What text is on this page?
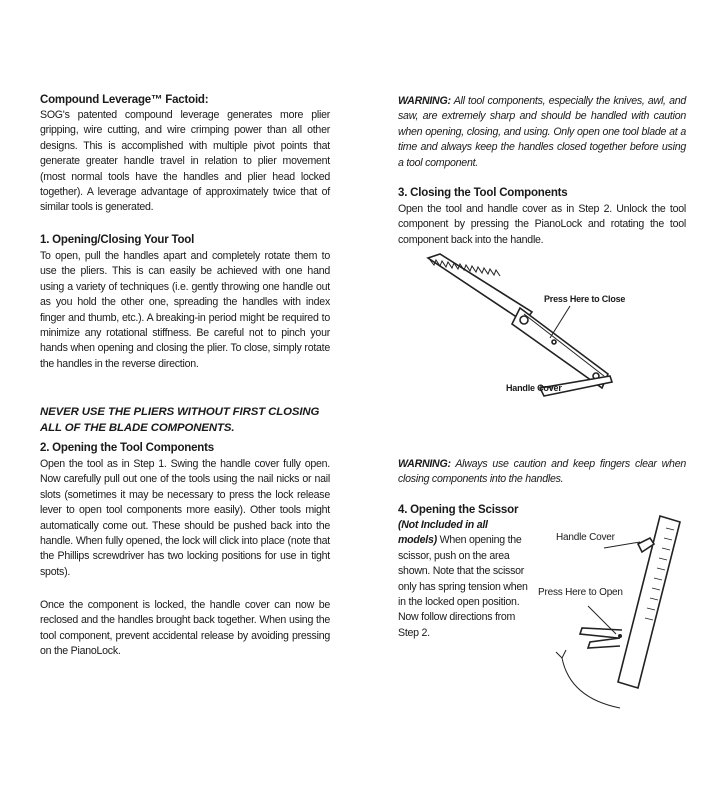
Compound Leverage™ Factoid:

SOG's patented compound leverage generates more plier gripping, wire cutting, and wire crimping power than all other designs. This is accomplished with multiple pivot points that generate greater handle travel in relation to plier movement (most normal tools have the handles and plier head locked together). A leverage advantage of approximately twice that of similar tools is generated.

1. Opening/Closing Your Tool

To open, pull the handles apart and completely rotate them to use the pliers. This is can easily be achieved with one hand using a variety of techniques (i.e. gently throwing one handle out as you hold the other one, spreading the handles with index finger and thumb, etc.). A breaking-in period might be required to minimize any rotational stiffness. Be careful not to pinch your hands when opening and closing the plier. To close, simply rotate the handles in the reverse direction.

NEVER USE THE PLIERS WITHOUT FIRST CLOSING ALL OF THE BLADE COMPONENTS.

2. Opening the Tool Components

Open the tool as in Step 1. Swing the handle cover fully open. Now carefully pull out one of the tools using the nail nicks or nail slots (sometimes it may be necessary to press the lock release lever to open tool components more easily). Other tools might automatically come out. These should be pushed back into the handle. When fully opened, the lock will click into place (note that the Phillips screwdriver has two locking positions for use in tight spots).

Once the component is locked, the handle cover can now be reclosed and the handles brought back together. When using the tool component, prevent accidental release by avoiding pressing on the PianoLock.

WARNING: All tool components, especially the knives, awl, and saw, are extremely sharp and should be handled with caution when opening, closing, and using. Only open one tool blade at a time and always keep the handles closed together before using a tool component.

3. Closing the Tool Components

Open the tool and handle cover as in Step 2. Unlock the tool component by pressing the PianoLock and rotating the tool component back into the handle.

WARNING: Always use caution and keep fingers clear when closing components into the handles.

4. Opening the Scissor

(Not Included in all models) When opening the scissor, push on the area shown. Note that the scissor only has spring tension when in the locked open position. Now follow directions from Step 2.
Press Here to Close
Handle Cover
Handle Cover
Press Here to Open
